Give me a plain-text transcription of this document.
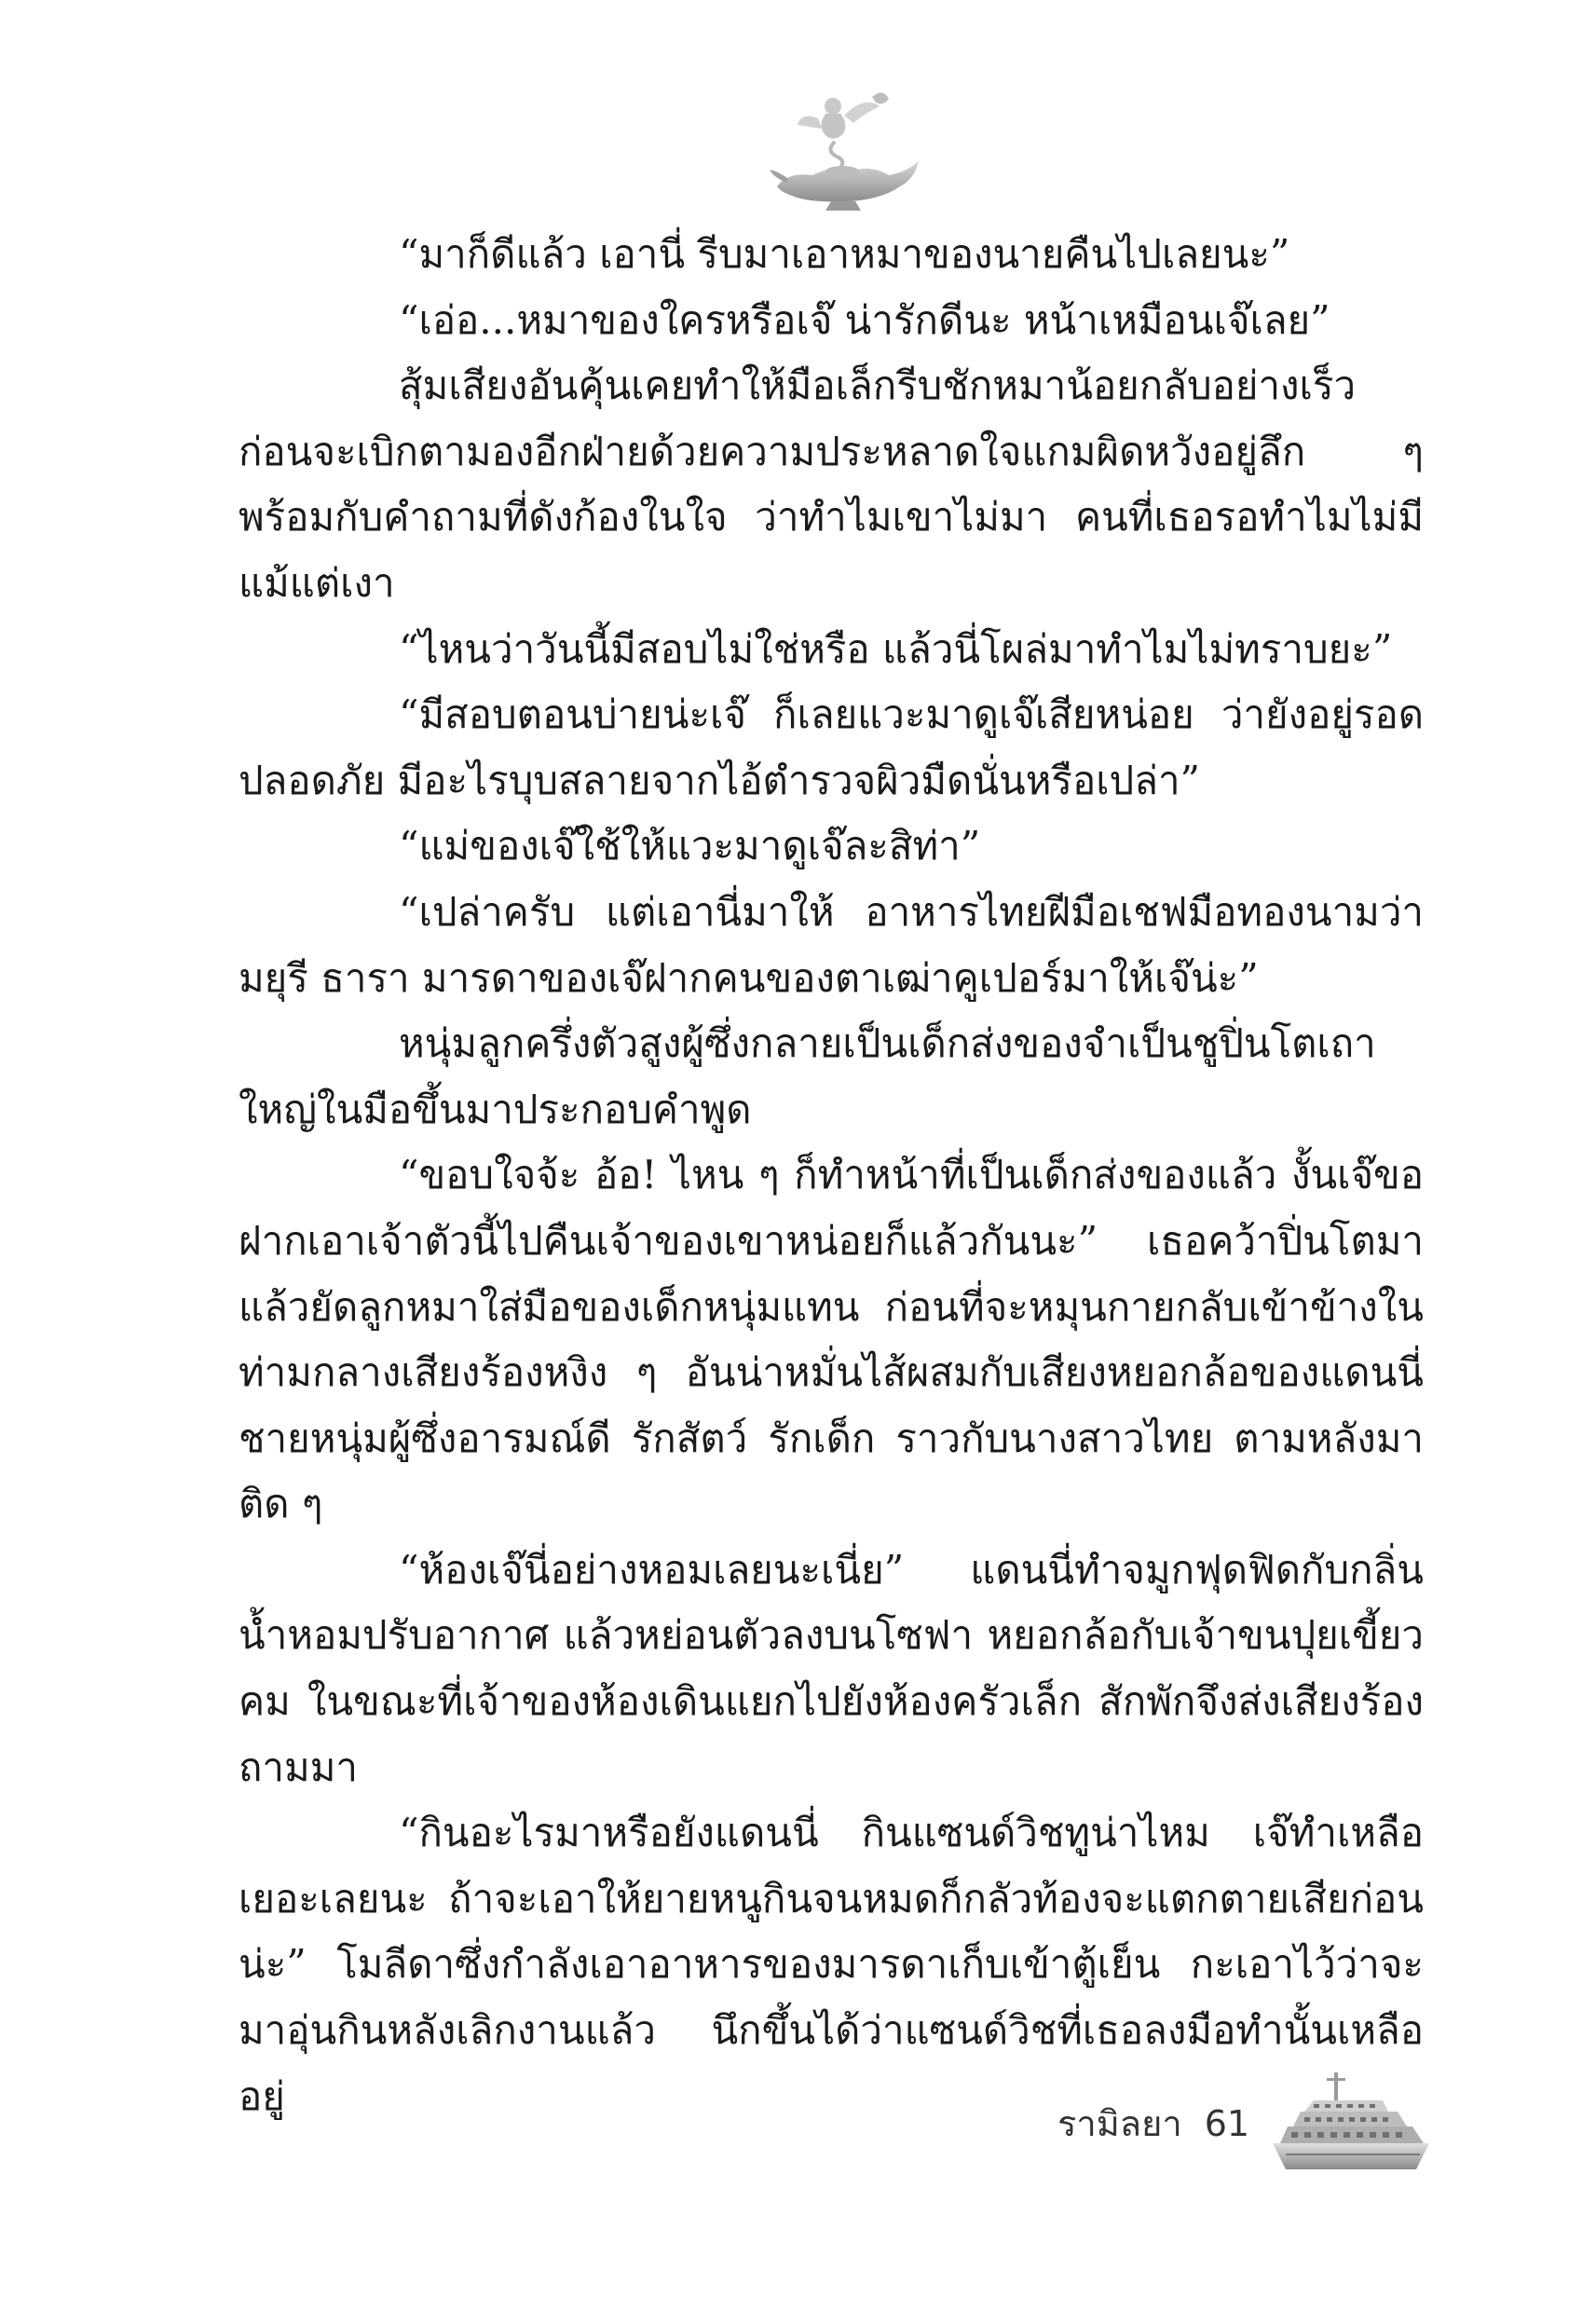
“มาก็ดีแล้ว เอานี่ รีบมาเอาหมาของนายคืนไปเลยนะ”

“เอ่อ...หมาของใครหรือเจ๊ น่ารักดีนะ หน้าเหมือนเจ๊เลย”

สุ้มเสียงอันคุ้นเคยทำให้มือเล็กรีบชักหมาน้อยกลับอย่างเร็ว ก่อนจะเบิกตามองอีกฝ่ายด้วยความประหลาดใจแกมผิดหวังอยู่ลึก ๆ พร้อมกับคำถามที่ดังก้องในใจ ว่าทำไมเขาไม่มา คนที่เธอรอทำไมไม่มีแม้แต่เงา

“ไหนว่าวันนี้มีสอบไม่ใช่หรือ แล้วนี่โผล่มาทำไมไม่ทราบยะ”

“มีสอบตอนบ่ายน่ะเจ๊ ก็เลยแวะมาดูเจ๊เสียหน่อย ว่ายังอยู่รอดปลอดภัย มีอะไรบุบสลายจากไอ้ตำรวจผิวมืดนั่นหรือเปล่า”

“แม่ของเจ๊ใช้ให้แวะมาดูเจ๊ละสิท่า”

“เปล่าครับ แต่เอานี่มาให้ อาหารไทยฝีมือเชฟมือทองนามว่ามยุรี ธารา มารดาของเจ๊ฝากคนของตาเฒ่าคูเปอร์มาให้เจ๊น่ะ”

หนุ่มลูกครึ่งตัวสูงผู้ซึ่งกลายเป็นเด็กส่งของจำเป็นชูปิ่นโตเถาใหญ่ในมือขึ้นมาประกอบคำพูด

“ขอบใจจ้ะ อ้อ! ไหน ๆ ก็ทำหน้าที่เป็นเด็กส่งของแล้ว งั้นเจ๊ขอฝากเอาเจ้าตัวนี้ไปคืนเจ้าของเขาหน่อยก็แล้วกันนะ” เธอคว้าปิ่นโตมาแล้วยัดลูกหมาใส่มือของเด็กหนุ่มแทน ก่อนที่จะหมุนกายกลับเข้าข้างในท่ามกลางเสียงร้องหงิง ๆ อันน่าหมั่นไส้ผสมกับเสียงหยอกล้อของแดนนี่ชายหนุ่มผู้ซึ่งอารมณ์ดี รักสัตว์ รักเด็ก ราวกับนางสาวไทย ตามหลังมาติด ๆ

“ห้องเจ๊นี่อย่างหอมเลยนะเนี่ย” แดนนี่ทำจมูกฟุดฟิดกับกลิ่นน้ำหอมปรับอากาศ แล้วหย่อนตัวลงบนโซฟา หยอกล้อกับเจ้าขนปุยเขี้ยวคม ในขณะที่เจ้าของห้องเดินแยกไปยังห้องครัวเล็ก สักพักจึงส่งเสียงร้องถามมา

“กินอะไรมาหรือยังแดนนี่ กินแซนด์วิชทูน่าไหม เจ๊ทำเหลือเยอะเลยนะ ถ้าจะเอาให้ยายหนูกินจนหมดก็กลัวท้องจะแตกตายเสียก่อนน่ะ” โมลีดาซึ่งกำลังเอาอาหารของมารดาเก็บเข้าตู้เย็น กะเอาไว้ว่าจะมาอุ่นกินหลังเลิกงานแล้ว นึกขึ้นได้ว่าแซนด์วิชที่เธอลงมือทำนั้นเหลืออยู่

รามิลยา 61
